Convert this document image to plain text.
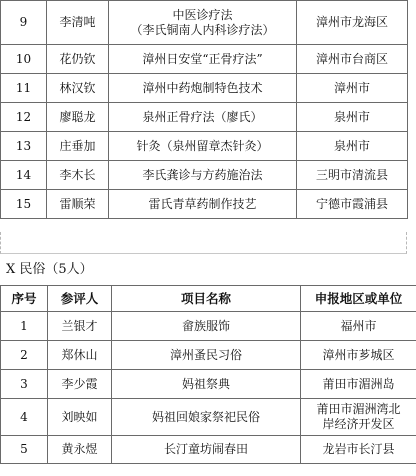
9	李清吨	中医诊疗法
（李氏铜南人内科诊疗法）	漳州市龙海区
10	花仍钦	漳州日安堂“正骨疗法”	漳州市台商区
11	林汉钦	漳州中药炮制特色技术	漳州市
12	廖聪龙	泉州正骨疗法（廖氏）	泉州市
13	庄垂加	针灸（泉州留章杰针灸）	泉州市
14	李木长	李氏龚诊与方药施治法	三明市清流县
15	雷顺荣	雷氏青草药制作技艺	宁德市霞浦县
X 民俗（5人）
序号	参评人	项目名称	申报地区或单位
1	兰银才	畲族服饰	福州市
2	郑休山	漳州蚤民习俗	漳州市芗城区
3	李少霞	妈祖祭典	莆田市湄洲岛
4	刘映如	妈祖回娘家祭祀民俗	莆田市湄洲湾北
岸经济开发区
5	黄永煜	长汀童坊闹春田	龙岩市长汀县
